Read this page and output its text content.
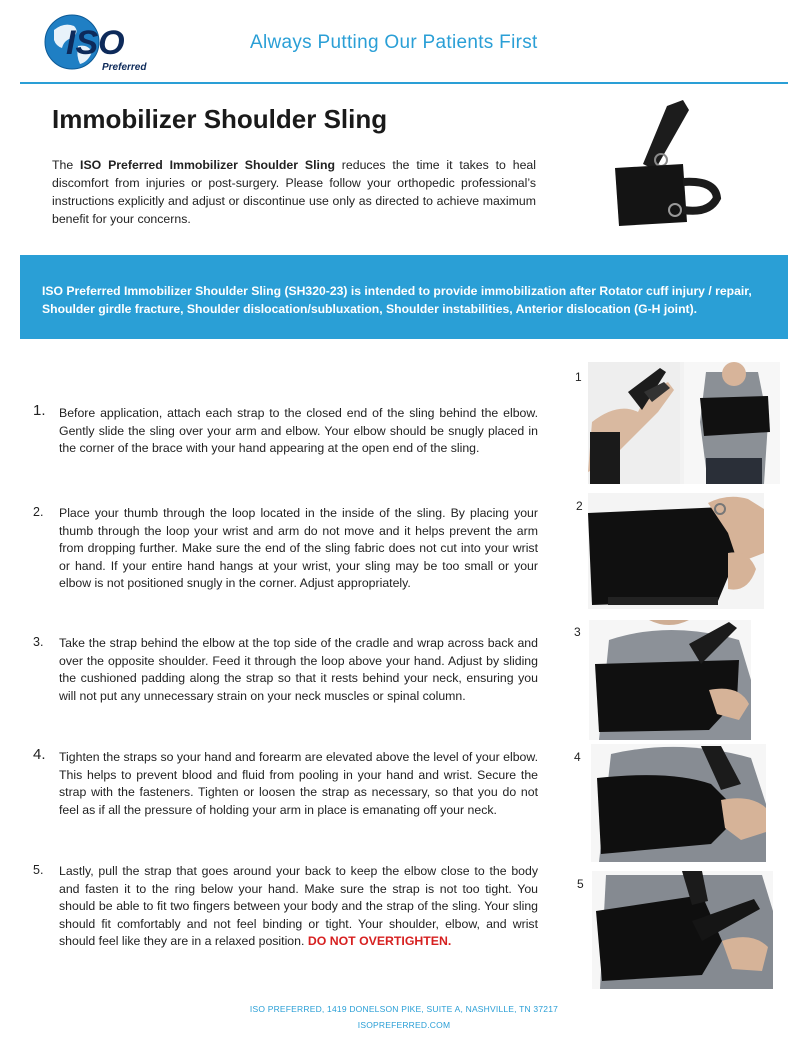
ISO
Preferred
Always Putting Our Patients First
Immobilizer Shoulder Sling

The ISO Preferred Immobilizer Shoulder Sling reduces the time it takes to heal discomfort from injuries or post-surgery. Please follow your orthopedic professional’s instructions explicitly and adjust or discontinue use only as directed to achieve maximum benefit for your concerns.

ISO Preferred Immobilizer Shoulder Sling (SH320-23) is intended to provide immobilization after Rotator cuff injury / repair, Shoulder girdle fracture, Shoulder dislocation/subluxation, Shoulder instabilities, Anterior dislocation (G-H joint).

1. Before application, attach each strap to the closed end of the sling behind the elbow. Gently slide the sling over your arm and elbow. Your elbow should be snugly placed in the corner of the brace with your hand appearing at the open end of the sling.
2. Place your thumb through the loop located in the inside of the sling. By placing your thumb through the loop your wrist and arm do not move and it helps prevent the arm from dropping further. Make sure the end of the sling fabric does not cut into your wrist or hand. If your entire hand hangs at your wrist, your sling may be too small or your elbow is not positioned snugly in the corner. Adjust appropriately.
3. Take the strap behind the elbow at the top side of the cradle and wrap across back and over the opposite shoulder. Feed it through the loop above your hand. Adjust by sliding the cushioned padding along the strap so that it rests behind your neck, ensuring you will not put any unnecessary strain on your neck muscles or spinal column.
4. Tighten the straps so your hand and forearm are elevated above the level of your elbow. This helps to prevent blood and fluid from pooling in your hand and wrist. Secure the strap with the fasteners. Tighten or loosen the strap as necessary, so that you do not feel as if all the pressure of holding your arm in place is emanating off your neck.
5. Lastly, pull the strap that goes around your back to keep the elbow close to the body and fasten it to the ring below your hand. Make sure the strap is not too tight. You should be able to fit two fingers between your body and the strap of the sling. Your sling should fit comfortably and not feel binding or tight. Your shoulder, elbow, and wrist should feel like they are in a relaxed position. DO NOT OVERTIGHTEN.
1
2
3
4
5
ISO PREFERRED, 1419 DONELSON PIKE, SUITE A, NASHVILLE, TN 37217
ISOPREFERRED.COM
